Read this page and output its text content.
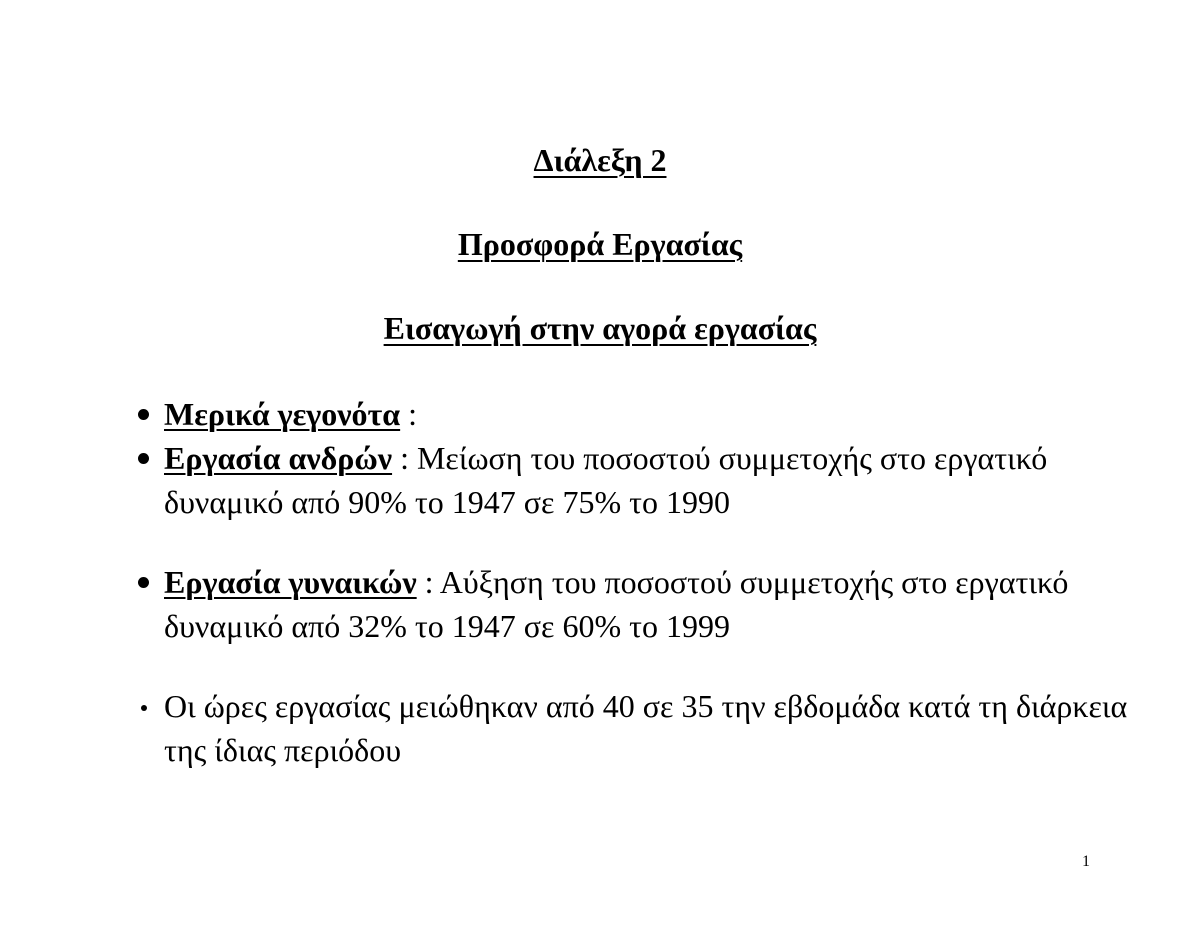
Διάλεξη 2
Προσφορά Εργασίας
Εισαγωγή στην αγορά εργασίας
Μερικά γεγονότα :
Εργασία ανδρών : Μείωση του ποσοστού συμμετοχής στο εργατικό δυναμικό από 90% το 1947 σε 75% το 1990
Εργασία γυναικών : Αύξηση του ποσοστού συμμετοχής στο εργατικό δυναμικό από 32% το 1947 σε 60% το 1999
Οι ώρες εργασίας μειώθηκαν από 40 σε 35 την εβδομάδα κατά τη διάρκεια της ίδιας περιόδου
1
